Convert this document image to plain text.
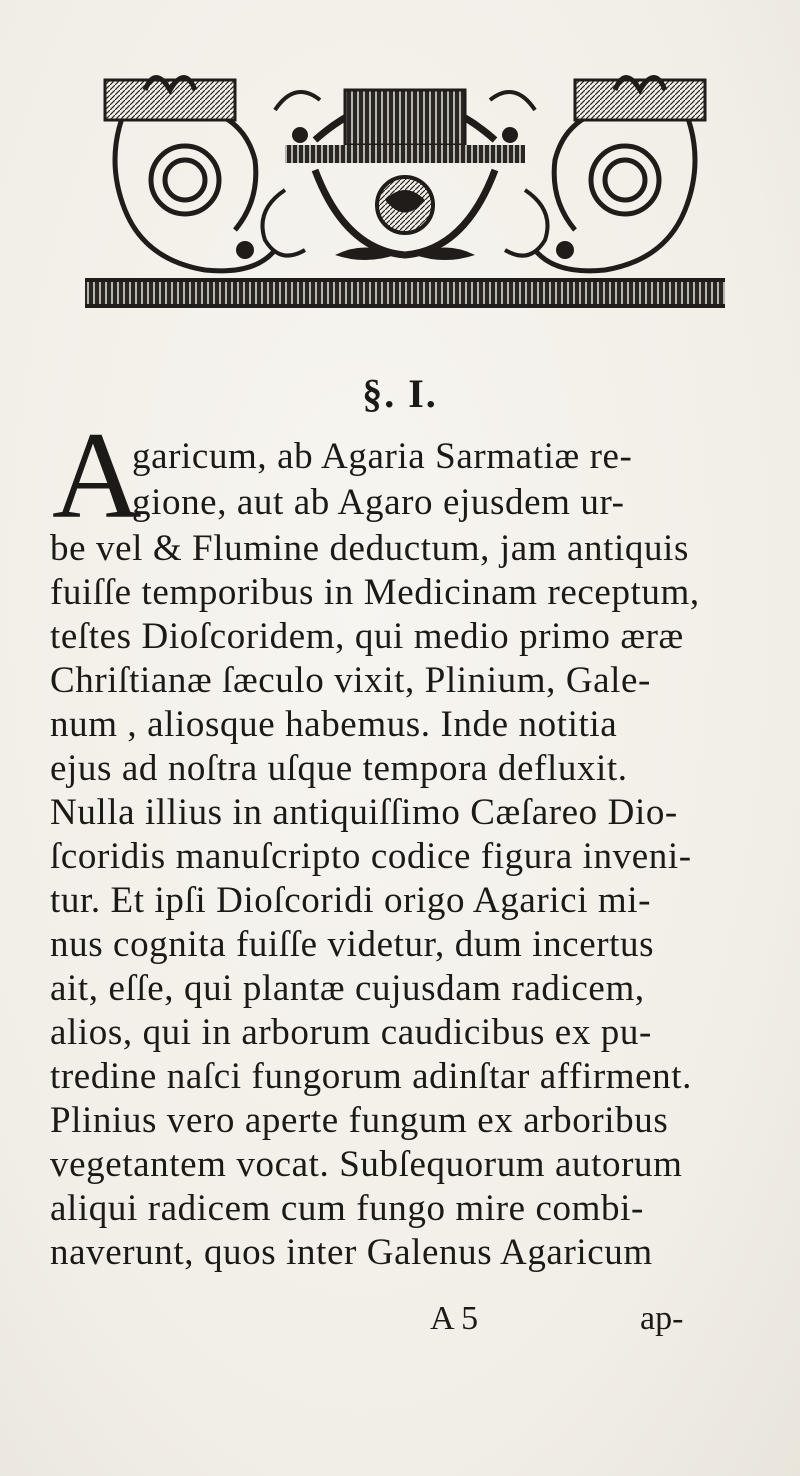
§. I.
A
garicum, ab Agaria Sarmatiæ re-
gione, aut ab Agaro ejusdem ur-
be vel & Flumine deductum, jam antiquis
fuiſſe temporibus in Medicinam receptum,
teſtes Dioſcoridem, qui medio primo æræ
Chriſtianæ ſæculo vixit, Plinium, Gale-
num , aliosque habemus. Inde notitia
ejus ad noſtra uſque tempora defluxit.
Nulla illius in antiquiſſimo Cæſareo Dio-
ſcoridis manuſcripto codice figura inveni-
tur. Et ipſi Dioſcoridi origo Agarici mi-
nus cognita fuiſſe videtur, dum incertus
ait, eſſe, qui plantæ cujusdam radicem,
alios, qui in arborum caudicibus ex pu-
tredine naſci fungorum adinſtar affirment.
Plinius vero aperte fungum ex arboribus
vegetantem vocat. Subſequorum autorum
aliqui radicem cum fungo mire combi-
naverunt, quos inter Galenus Agaricum
A 5	ap-
